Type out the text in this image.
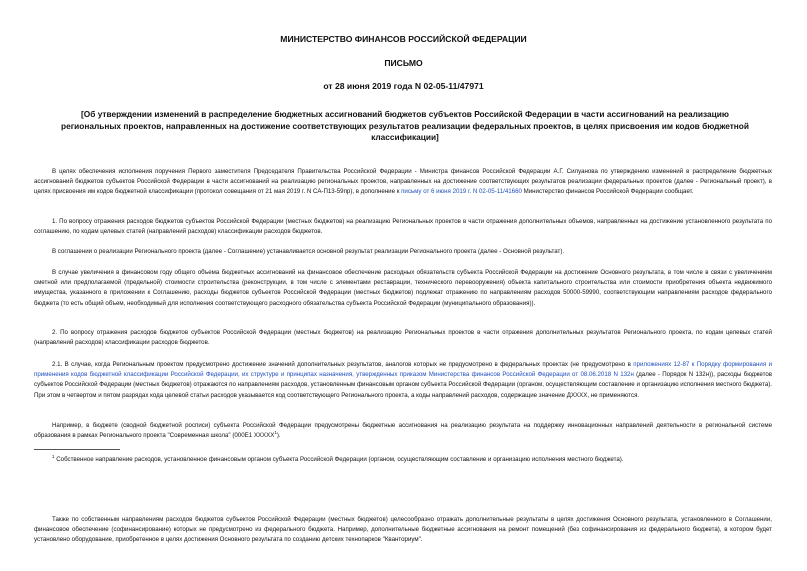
МИНИСТЕРСТВО ФИНАНСОВ РОССИЙСКОЙ ФЕДЕРАЦИИ
ПИСЬМО
от 28 июня 2019 года N 02-05-11/47971
[Об утверждении изменений в распределение бюджетных ассигнований бюджетов субъектов Российской Федерации в части ассигнований на реализацию региональных проектов, направленных на достижение соответствующих результатов реализации федеральных проектов, в целях присвоения им кодов бюджетной классификации]

В целях обеспечения исполнения поручения Первого заместителя Председателя Правительства Российской Федерации - Министра финансов Российской Федерации А.Г. Силуанова по утверждению изменений в распределение бюджетных ассигнований бюджетов субъектов Российской Федерации в части ассигнований на реализацию региональных проектов, направленных на достижение соответствующих результатов реализации федеральных проектов (далее - Региональный проект), в целях присвоения им кодов бюджетной классификации (протокол совещания от 21 мая 2019 г. N СА-П13-59пр), в дополнение к письму от 6 июня 2019 г. N 02-05-11/41660 Министерство финансов Российской Федерации сообщает.

1. По вопросу отражения расходов бюджетов субъектов Российской Федерации (местных бюджетов) на реализацию Региональных проектов в части отражения дополнительных объемов, направленных на достижение установленного результата по соглашению, по кодам целевых статей (направлений расходов) классификации расходов бюджетов.

В соглашении о реализации Регионального проекта (далее - Соглашение) устанавливается основной результат реализации Регионального проекта (далее - Основной результат).

В случае увеличения в финансовом году общего объема бюджетных ассигнований на финансовое обеспечение расходных обязательств субъекта Российской Федерации на достижение Основного результата, в том числе в связи с увеличением сметной или предполагаемой (предельной) стоимости строительства (реконструкции, в том числе с элементами реставрации, технического перевооружения) объекта капитального строительства или стоимости приобретения объекта недвижимого имущества, указанного в приложении к Соглашению, расходы бюджетов субъектов Российской Федерации (местных бюджетов) подлежат отражению по направлениям расходов 50000-59990, соответствующим направлениям расходов федерального бюджета (то есть общий объем, необходимый для исполнения соответствующего расходного обязательства субъекта Российской Федерации (муниципального образования)).

2. По вопросу отражения расходов бюджетов субъектов Российской Федерации (местных бюджетов) на реализацию Региональных проектов в части отражения дополнительных результатов Регионального проекта, по кодам целевых статей (направлений расходов) классификации расходов бюджетов.

2.1. В случае, когда Региональным проектом предусмотрено достижение значений дополнительных результатов, аналогов которых не предусмотрено в федеральных проектах (не предусмотрено в приложениях 12-87 к Порядку формирования и применения кодов бюджетной классификации Российской Федерации, их структуре и принципах назначения, утвержденных приказом Министерства финансов Российской Федерации от 08.06.2018 N 132н (далее - Порядок N 132н)), расходы бюджетов субъектов Российской Федерации (местных бюджетов) отражаются по направлениям расходов, установленным финансовым органом субъекта Российской Федерации (органом, осуществляющим составление и организацию исполнения местного бюджета). При этом в четвертом и пятом разрядах кода целевой статьи расходов указывается код соответствующего Регионального проекта, а коды направлений расходов, содержащие значение ДХХХХ, не применяются.

Например, в бюджете (сводной бюджетной росписи) субъекта Российской Федерации предусмотрены бюджетные ассигнования на реализацию результата на поддержку инновационных направлений деятельности в региональной системе образования в рамках Регионального проекта "Современная школа" (000E1 XXXXX$^1$).

$^1$ Собственное направление расходов, установленное финансовым органом субъекта Российской Федерации (органом, осуществляющим составление и организацию исполнения местного бюджета).

Также по собственным направлениям расходов бюджетов субъектов Российской Федерации (местных бюджетов) целесообразно отражать дополнительные результаты в целях достижения Основного результата, установленного в Соглашении, финансовое обеспечение (софинансирование) которых не предусмотрено из федерального бюджета. Например, дополнительные бюджетные ассигнования на ремонт помещений (без софинансирования из федерального бюджета), в котором будет установлено оборудование, приобретенное в целях достижения Основного результата по созданию детских технопарков "Кванториум".
